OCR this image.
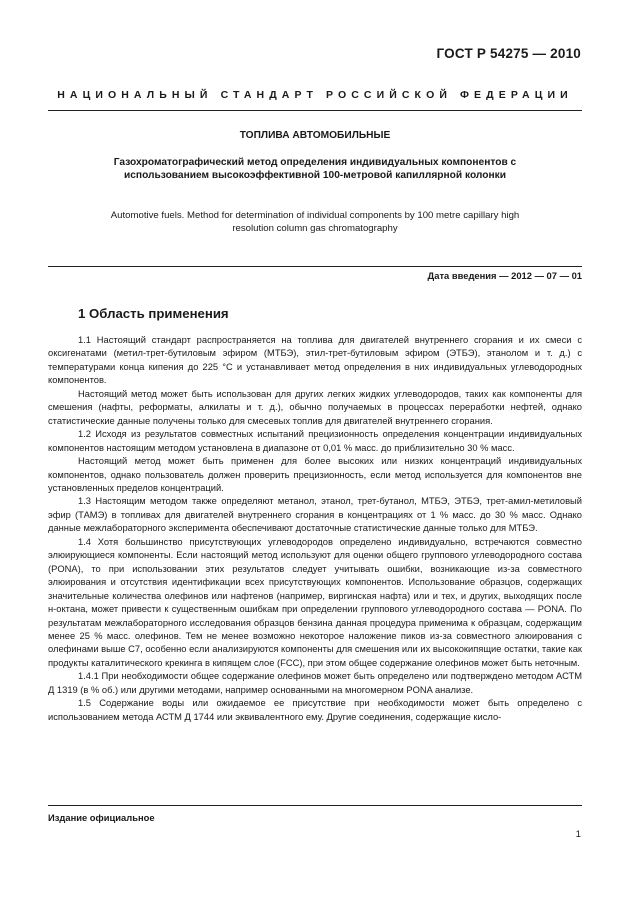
ГОСТ Р 54275 — 2010
НАЦИОНАЛЬНЫЙ СТАНДАРТ РОССИЙСКОЙ ФЕДЕРАЦИИ
ТОПЛИВА АВТОМОБИЛЬНЫЕ
Газохроматографический метод определения индивидуальных компонентов с использованием высокоэффективной 100-метровой капиллярной колонки
Automotive fuels. Method for determination of individual components by 100 metre capillary high resolution column gas chromatography
Дата введения — 2012 — 07 — 01
1 Область применения

1.1 Настоящий стандарт распространяется на топлива для двигателей внутреннего сгорания и их смеси с оксигенатами (метил-трет-бутиловым эфиром (МТБЭ), этил-трет-бутиловым эфиром (ЭТБЭ), этанолом и т. д.) с температурами конца кипения до 225 °С и устанавливает метод определения в них индивидуальных углеводородных компонентов.

Настоящий метод может быть использован для других легких жидких углеводородов, таких как компоненты для смешения (нафты, реформаты, алкилаты и т. д.), обычно получаемых в процессах переработки нефтей, однако статистические данные получены только для смесевых топлив для двигателей внутреннего сгорания.

1.2 Исходя из результатов совместных испытаний прецизионность определения концентрации индивидуальных компонентов настоящим методом установлена в диапазоне от 0,01 % масс. до приблизительно 30 % масс.

Настоящий метод может быть применен для более высоких или низких концентраций индивидуальных компонентов, однако пользователь должен проверить прецизионность, если метод используется для компонентов вне установленных пределов концентраций.

1.3 Настоящим методом также определяют метанол, этанол, трет-бутанол, МТБЭ, ЭТБЭ, трет-амил-метиловый эфир (ТАМЭ) в топливах для двигателей внутреннего сгорания в концентрациях от 1 % масс. до 30 % масс. Однако данные межлабораторного эксперимента обеспечивают достаточные статистические данные только для МТБЭ.

1.4 Хотя большинство присутствующих углеводородов определено индивидуально, встречаются совместно элюирующиеся компоненты. Если настоящий метод используют для оценки общего группового углеводородного состава (PONA), то при использовании этих результатов следует учитывать ошибки, возникающие из-за совместного элюирования и отсутствия идентификации всех присутствующих компонентов. Использование образцов, содержащих значительные количества олефинов или нафтенов (например, виргинская нафта) или и тех, и других, выходящих после н-октана, может привести к существенным ошибкам при определении группового углеводородного состава — PONA. По результатам межлабораторного исследования образцов бензина данная процедура применима к образцам, содержащим менее 25 % масс. олефинов. Тем не менее возможно некоторое наложение пиков из-за совместного элюирования с олефинами выше С7, особенно если анализируются компоненты для смешения или их высококипящие остатки, такие как продукты каталитического крекинга в кипящем слое (FCC), при этом общее содержание олефинов может быть неточным.

1.4.1 При необходимости общее содержание олефинов может быть определено или подтверждено методом АСТМ Д 1319 (в % об.) или другими методами, например основанными на многомерном PONA анализе.

1.5 Содержание воды или ожидаемое ее присутствие при необходимости может быть определено с использованием метода АСТМ Д 1744 или эквивалентного ему. Другие соединения, содержащие кисло-

Издание официальное
1
